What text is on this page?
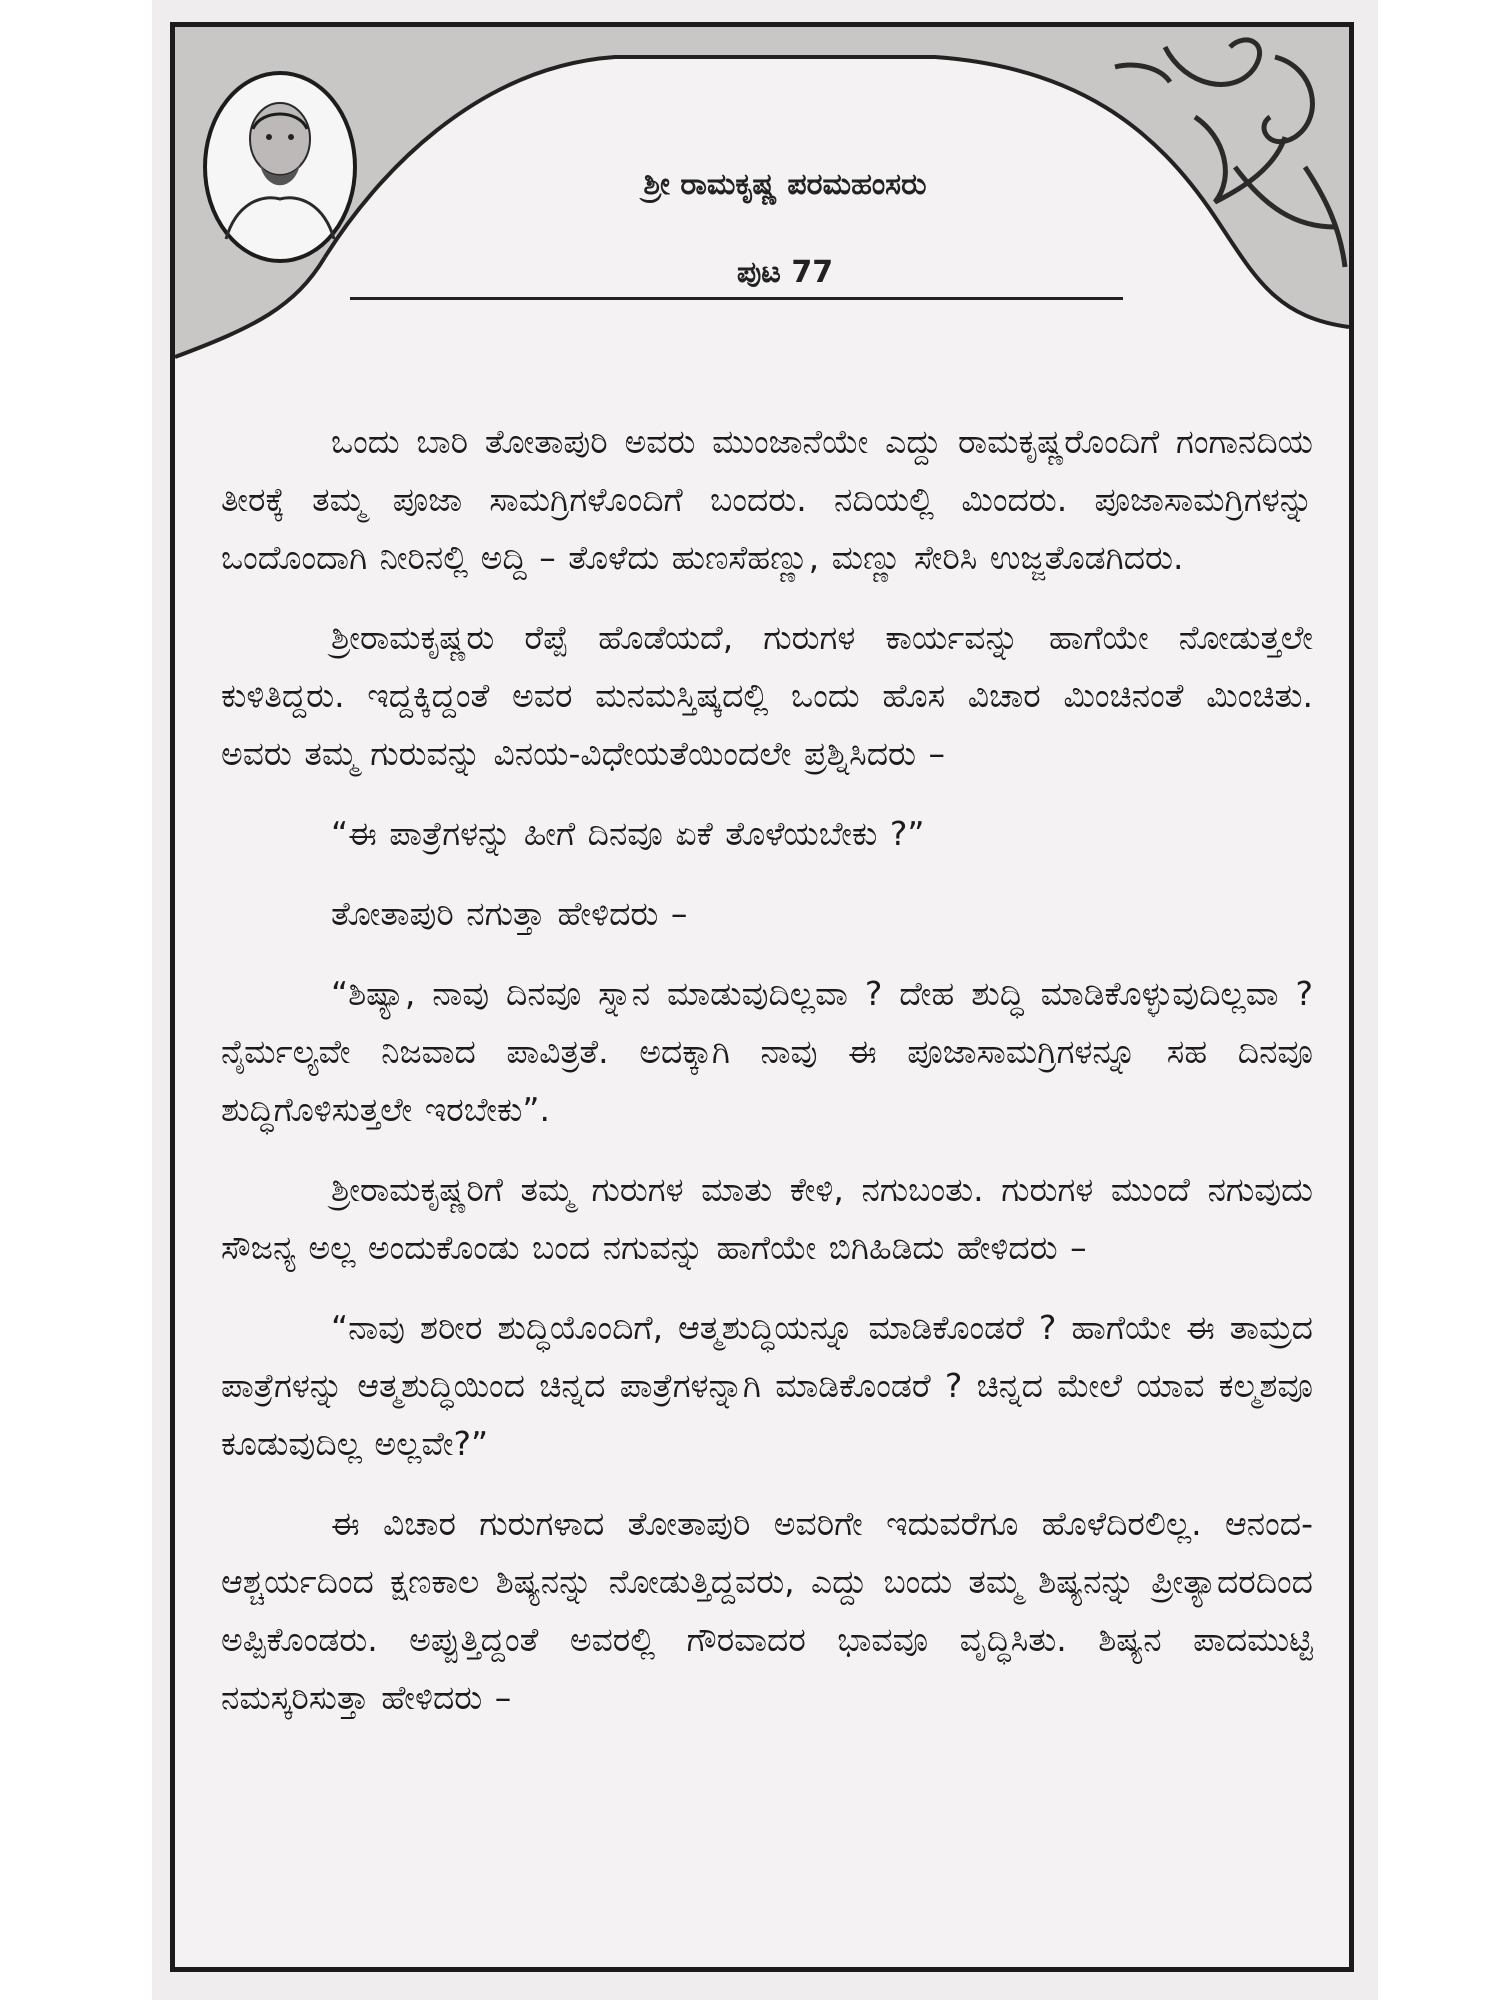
ಶ್ರೀ ರಾಮಕೃಷ್ಣ ಪರಮಹಂಸರು
ಪುಟ 77

ಒಂದು ಬಾರಿ ತೋತಾಪುರಿ ಅವರು ಮುಂಜಾನೆಯೇ ಎದ್ದು ರಾಮಕೃಷ್ಣರೊಂದಿಗೆ ಗಂಗಾನದಿಯ ತೀರಕ್ಕೆ ತಮ್ಮ ಪೂಜಾ ಸಾಮಗ್ರಿಗಳೊಂದಿಗೆ ಬಂದರು. ನದಿಯಲ್ಲಿ ಮಿಂದರು. ಪೂಜಾಸಾಮಗ್ರಿಗಳನ್ನು ಒಂದೊಂದಾಗಿ ನೀರಿನಲ್ಲಿ ಅದ್ದಿ – ತೊಳೆದು ಹುಣಸೆಹಣ್ಣು, ಮಣ್ಣು ಸೇರಿಸಿ ಉಜ್ಜತೊಡಗಿದರು.

ಶ್ರೀರಾಮಕೃಷ್ಣರು ರೆಪ್ಪೆ ಹೊಡೆಯದೆ, ಗುರುಗಳ ಕಾರ್ಯವನ್ನು ಹಾಗೆಯೇ ನೋಡುತ್ತಲೇ ಕುಳಿತಿದ್ದರು. ಇದ್ದಕ್ಕಿದ್ದಂತೆ ಅವರ ಮನಮಸ್ತಿಷ್ಕದಲ್ಲಿ ಒಂದು ಹೊಸ ವಿಚಾರ ಮಿಂಚಿನಂತೆ ಮಿಂಚಿತು. ಅವರು ತಮ್ಮ ಗುರುವನ್ನು ವಿನಯ-ವಿಧೇಯತೆಯಿಂದಲೇ ಪ್ರಶ್ನಿಸಿದರು –

“ಈ ಪಾತ್ರೆಗಳನ್ನು ಹೀಗೆ ದಿನವೂ ಏಕೆ ತೊಳೆಯಬೇಕು ?”

ತೋತಾಪುರಿ ನಗುತ್ತಾ ಹೇಳಿದರು –

“ಶಿಷ್ಯಾ, ನಾವು ದಿನವೂ ಸ್ನಾನ ಮಾಡುವುದಿಲ್ಲವಾ ? ದೇಹ ಶುದ್ಧಿ ಮಾಡಿಕೊಳ್ಳುವುದಿಲ್ಲವಾ ? ನೈರ್ಮಲ್ಯವೇ ನಿಜವಾದ ಪಾವಿತ್ರತೆ. ಅದಕ್ಕಾಗಿ ನಾವು ಈ ಪೂಜಾಸಾಮಗ್ರಿಗಳನ್ನೂ ಸಹ ದಿನವೂ ಶುದ್ಧಿಗೊಳಿಸುತ್ತಲೇ ಇರಬೇಕು”.

ಶ್ರೀರಾಮಕೃಷ್ಣರಿಗೆ ತಮ್ಮ ಗುರುಗಳ ಮಾತು ಕೇಳಿ, ನಗುಬಂತು. ಗುರುಗಳ ಮುಂದೆ ನಗುವುದು ಸೌಜನ್ಯ ಅಲ್ಲ ಅಂದುಕೊಂಡು ಬಂದ ನಗುವನ್ನು ಹಾಗೆಯೇ ಬಿಗಿಹಿಡಿದು ಹೇಳಿದರು –

“ನಾವು ಶರೀರ ಶುದ್ಧಿಯೊಂದಿಗೆ, ಆತ್ಮಶುದ್ಧಿಯನ್ನೂ ಮಾಡಿಕೊಂಡರೆ ? ಹಾಗೆಯೇ ಈ ತಾಮ್ರದ ಪಾತ್ರೆಗಳನ್ನು ಆತ್ಮಶುದ್ಧಿಯಿಂದ ಚಿನ್ನದ ಪಾತ್ರೆಗಳನ್ನಾಗಿ ಮಾಡಿಕೊಂಡರೆ ? ಚಿನ್ನದ ಮೇಲೆ ಯಾವ ಕಲ್ಮಶವೂ ಕೂಡುವುದಿಲ್ಲ ಅಲ್ಲವೇ?”

ಈ ವಿಚಾರ ಗುರುಗಳಾದ ತೋತಾಪುರಿ ಅವರಿಗೇ ಇದುವರೆಗೂ ಹೊಳೆದಿರಲಿಲ್ಲ. ಆನಂದ-ಆಶ್ಚರ್ಯದಿಂದ ಕ್ಷಣಕಾಲ ಶಿಷ್ಯನನ್ನು ನೋಡುತ್ತಿದ್ದವರು, ಎದ್ದು ಬಂದು ತಮ್ಮ ಶಿಷ್ಯನನ್ನು ಪ್ರೀತ್ಯಾದರದಿಂದ ಅಪ್ಪಿಕೊಂಡರು. ಅಪ್ಪುತ್ತಿದ್ದಂತೆ ಅವರಲ್ಲಿ ಗೌರವಾದರ ಭಾವವೂ ವೃದ್ಧಿಸಿತು. ಶಿಷ್ಯನ ಪಾದಮುಟ್ಟಿ ನಮಸ್ಕರಿಸುತ್ತಾ ಹೇಳಿದರು –
